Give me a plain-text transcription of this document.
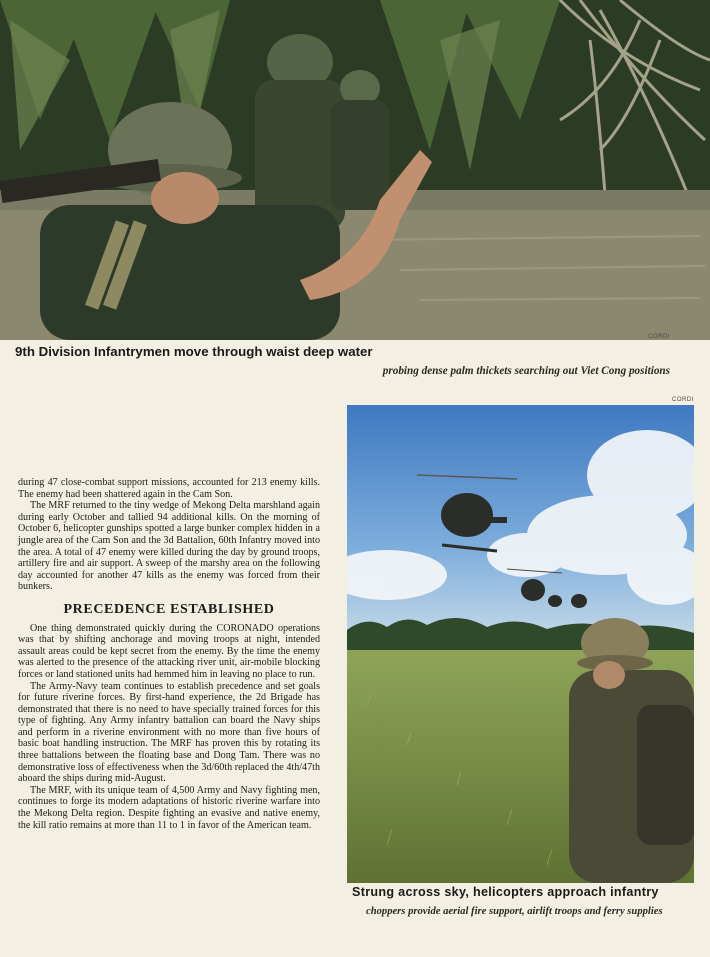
CORDI
9th Division Infantrymen move through waist deep water
probing dense palm thickets searching out Viet Cong positions
CORDI

during 47 close-combat support missions, accounted for 213 enemy kills. The enemy had been shattered again in the Cam Son.

The MRF returned to the tiny wedge of Mekong Delta marshland again during early October and tallied 94 additional kills. On the morning of October 6, helicopter gunships spotted a large bunker complex hidden in a jungle area of the Cam Son and the 3d Battalion, 60th Infantry moved into the area. A total of 47 enemy were killed during the day by ground troops, artillery fire and air support. A sweep of the marshy area on the following day accounted for another 47 kills as the enemy was forced from their bunkers.

PRECEDENCE ESTABLISHED

One thing demonstrated quickly during the CORONADO operations was that by shifting anchorage and moving troops at night, intended assault areas could be kept secret from the enemy. By the time the enemy was alerted to the presence of the attacking river unit, air-mobile blocking forces or land stationed units had hemmed him in leaving no place to run.

The Army-Navy team continues to establish precedence and set goals for future riverine forces. By first-hand experience, the 2d Brigade has demonstrated that there is no need to have specially trained forces for this type of fighting. Any Army infantry battalion can board the Navy ships and perform in a riverine environment with no more than five hours of basic boat handling instruction. The MRF has proven this by rotating its three battalions between the floating base and Dong Tam. There was no demonstrative loss of effectiveness when the 3d/60th replaced the 4th/47th aboard the ships during mid-August.

The MRF, with its unique team of 4,500 Army and Navy fighting men, continues to forge its modern adaptations of historic riverine warfare into the Mekong Delta region. Despite fighting an evasive and native enemy, the kill ratio remains at more than 11 to 1 in favor of the American team.

Strung across sky, helicopters approach infantry
choppers provide aerial fire support, airlift troops and ferry supplies
